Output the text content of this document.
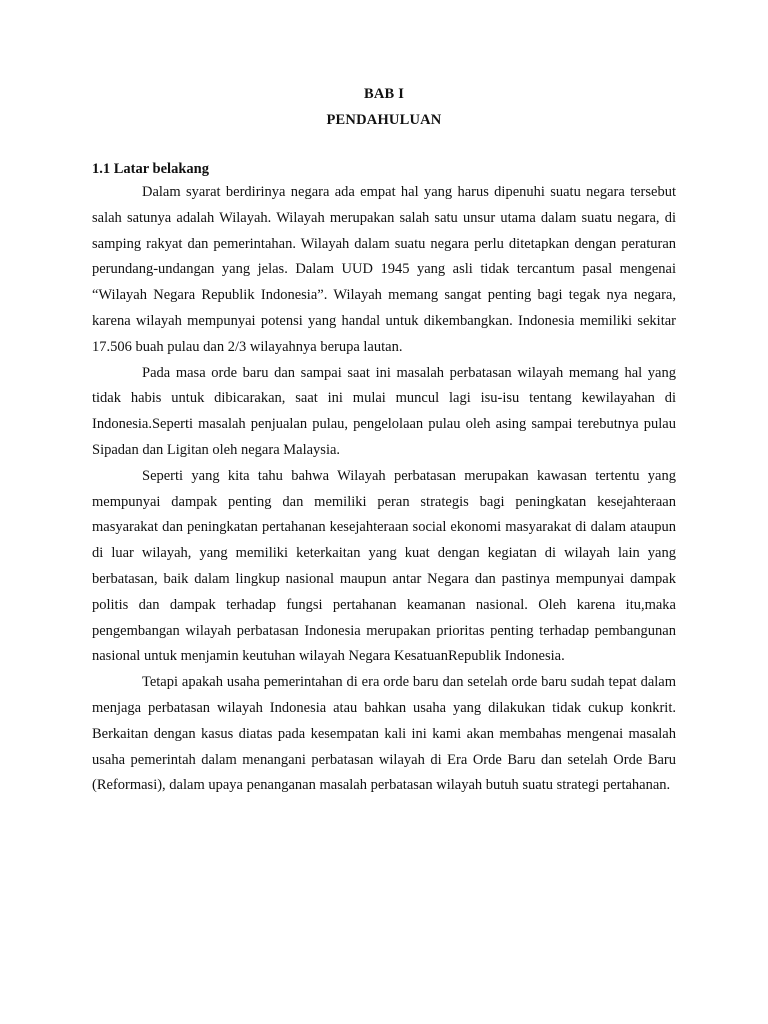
BAB I
PENDAHULUAN
1.1 Latar belakang

Dalam syarat berdirinya negara ada empat hal yang harus dipenuhi suatu negara tersebut salah satunya adalah Wilayah. Wilayah merupakan salah satu unsur utama dalam suatu negara, di samping rakyat dan pemerintahan. Wilayah dalam suatu negara perlu ditetapkan dengan peraturan perundang-undangan yang jelas. Dalam UUD 1945 yang asli tidak tercantum pasal mengenai “Wilayah Negara Republik Indonesia”. Wilayah memang sangat penting bagi tegak nya negara, karena wilayah mempunyai potensi yang handal untuk dikembangkan. Indonesia memiliki sekitar 17.506 buah pulau dan 2/3 wilayahnya berupa lautan.

Pada masa orde baru dan sampai saat ini masalah perbatasan wilayah memang hal yang tidak habis untuk dibicarakan, saat ini mulai muncul lagi isu-isu tentang kewilayahan di Indonesia.Seperti masalah penjualan pulau, pengelolaan pulau oleh asing sampai terebutnya pulau Sipadan dan Ligitan oleh negara Malaysia.

Seperti yang kita tahu bahwa Wilayah perbatasan merupakan kawasan tertentu yang mempunyai dampak penting dan memiliki peran strategis bagi peningkatan kesejahteraan masyarakat dan peningkatan pertahanan kesejahteraan social ekonomi masyarakat di dalam ataupun di luar wilayah, yang memiliki keterkaitan yang kuat dengan kegiatan di wilayah lain yang berbatasan, baik dalam lingkup nasional maupun antar Negara dan pastinya mempunyai dampak politis dan dampak terhadap fungsi pertahanan keamanan nasional. Oleh karena itu,maka pengembangan wilayah perbatasan Indonesia merupakan prioritas penting terhadap pembangunan nasional untuk menjamin keutuhan wilayah Negara KesatuanRepublik Indonesia.

Tetapi apakah usaha pemerintahan di era orde baru dan setelah orde baru sudah tepat dalam menjaga perbatasan wilayah Indonesia atau bahkan usaha yang dilakukan tidak cukup konkrit. Berkaitan dengan kasus diatas pada kesempatan kali ini kami akan membahas mengenai masalah usaha pemerintah dalam menangani perbatasan wilayah di Era Orde Baru dan setelah Orde Baru (Reformasi), dalam upaya penanganan masalah perbatasan wilayah butuh suatu strategi pertahanan.
